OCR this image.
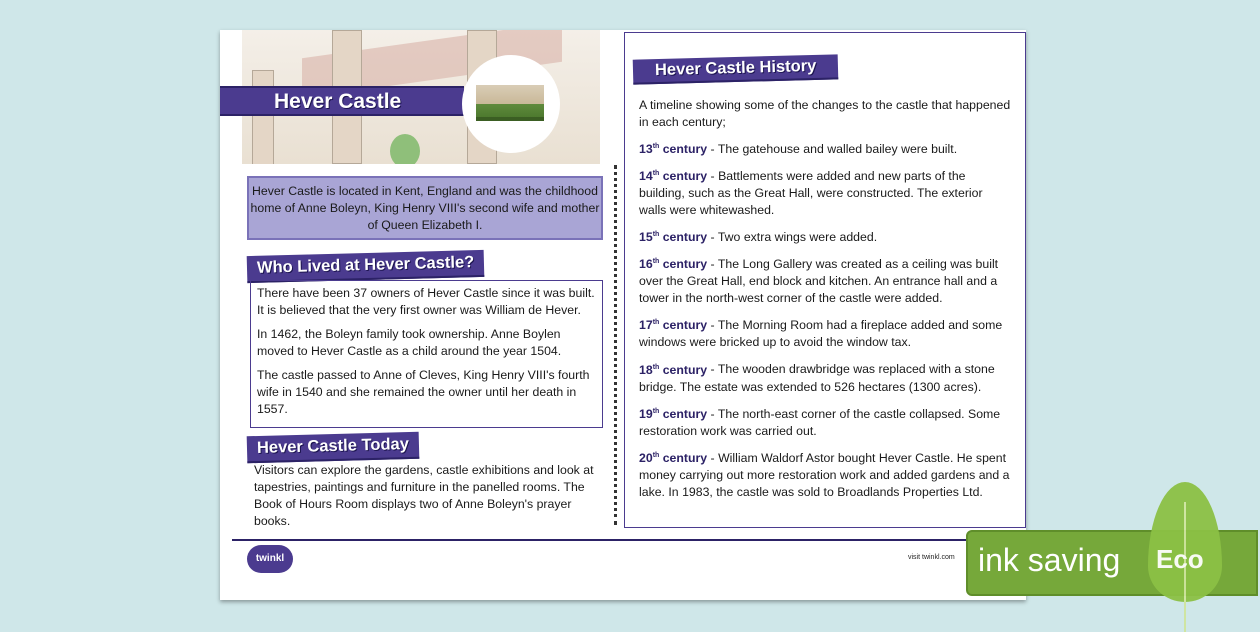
Hever Castle
Hever Castle is located in Kent, England and was the childhood home of Anne Boleyn, King Henry VIII's second wife and mother of Queen Elizabeth I.
Who Lived at Hever Castle?

There have been 37 owners of Hever Castle since it was built. It is believed that the very first owner was William de Hever.

In 1462, the Boleyn family took ownership. Anne Boylen moved to Hever Castle as a child around the year 1504.

The castle passed to Anne of Cleves, King Henry VIII's fourth wife in 1540 and she remained the owner until her death in 1557.

Hever Castle Today
Visitors can explore the gardens, castle exhibitions and look at tapestries, paintings and furniture in the panelled rooms. The Book of Hours Room displays two of Anne Boleyn's prayer books.
Hever Castle History

A timeline showing some of the changes to the castle that happened in each century;

13th century - The gatehouse and walled bailey were built.

14th century - Battlements were added and new parts of the building, such as the Great Hall, were constructed. The exterior walls were whitewashed.

15th century - Two extra wings were added.

16th century - The Long Gallery was created as a ceiling was built over the Great Hall, end block and kitchen. An entrance hall and a tower in the north-west corner of the castle were added.

17th century - The Morning Room had a fireplace added and some windows were bricked up to avoid the window tax.

18th century - The wooden drawbridge was replaced with a stone bridge. The estate was extended to 526 hectares (1300 acres).

19th century - The north-east corner of the castle collapsed. Some restoration work was carried out.

20th century - William Waldorf Astor bought Hever Castle. He spent money carrying out more restoration work and added gardens and a lake. In 1983, the castle was sold to Broadlands Properties Ltd.

twinkl	visit twinkl.com ink saving Eco
